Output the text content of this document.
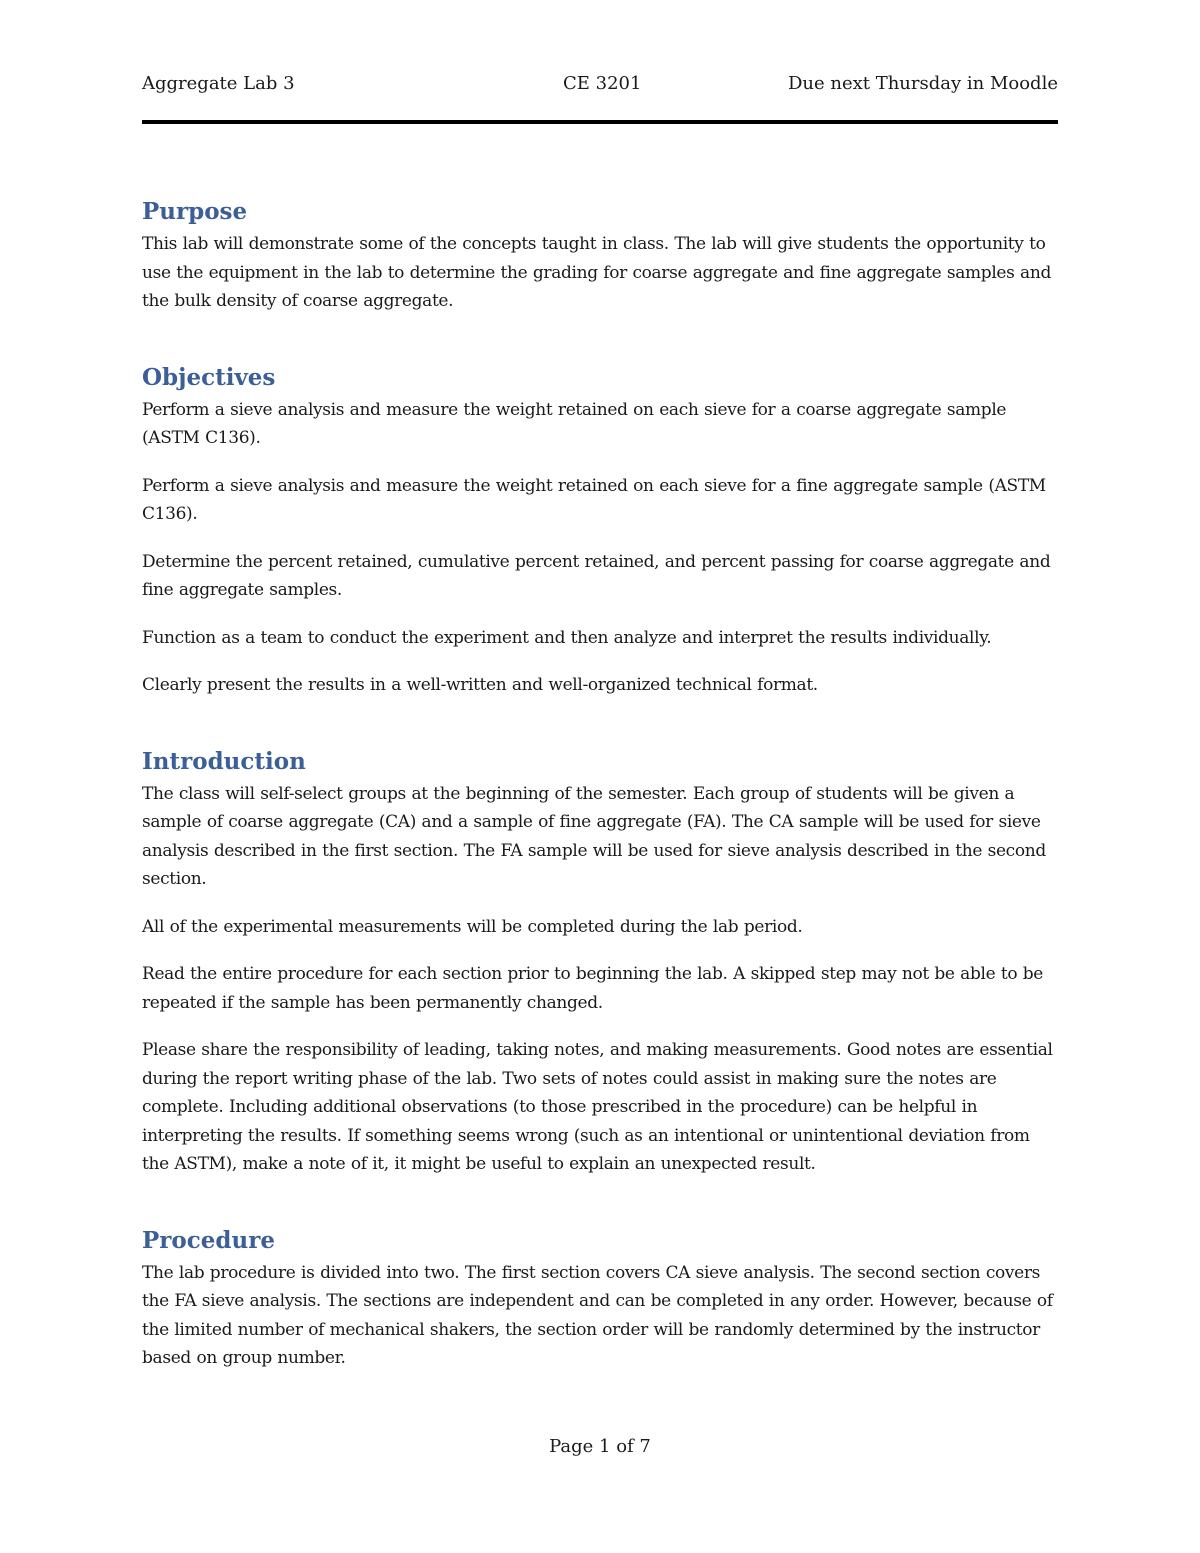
Aggregate Lab 3	CE 3201	Due next Thursday in Moodle
Purpose

This lab will demonstrate some of the concepts taught in class. The lab will give students the opportunity to use the equipment in the lab to determine the grading for coarse aggregate and fine aggregate samples and the bulk density of coarse aggregate.

Objectives

Perform a sieve analysis and measure the weight retained on each sieve for a coarse aggregate sample (ASTM C136).

Perform a sieve analysis and measure the weight retained on each sieve for a fine aggregate sample (ASTM C136).

Determine the percent retained, cumulative percent retained, and percent passing for coarse aggregate and fine aggregate samples.

Function as a team to conduct the experiment and then analyze and interpret the results individually.

Clearly present the results in a well-written and well-organized technical format.

Introduction

The class will self-select groups at the beginning of the semester. Each group of students will be given a sample of coarse aggregate (CA) and a sample of fine aggregate (FA). The CA sample will be used for sieve analysis described in the first section. The FA sample will be used for sieve analysis described in the second section.

All of the experimental measurements will be completed during the lab period.

Read the entire procedure for each section prior to beginning the lab. A skipped step may not be able to be repeated if the sample has been permanently changed.

Please share the responsibility of leading, taking notes, and making measurements. Good notes are essential during the report writing phase of the lab. Two sets of notes could assist in making sure the notes are complete. Including additional observations (to those prescribed in the procedure) can be helpful in interpreting the results. If something seems wrong (such as an intentional or unintentional deviation from the ASTM), make a note of it, it might be useful to explain an unexpected result.

Procedure

The lab procedure is divided into two. The first section covers CA sieve analysis. The second section covers the FA sieve analysis. The sections are independent and can be completed in any order. However, because of the limited number of mechanical shakers, the section order will be randomly determined by the instructor based on group number.

Page 1 of 7
